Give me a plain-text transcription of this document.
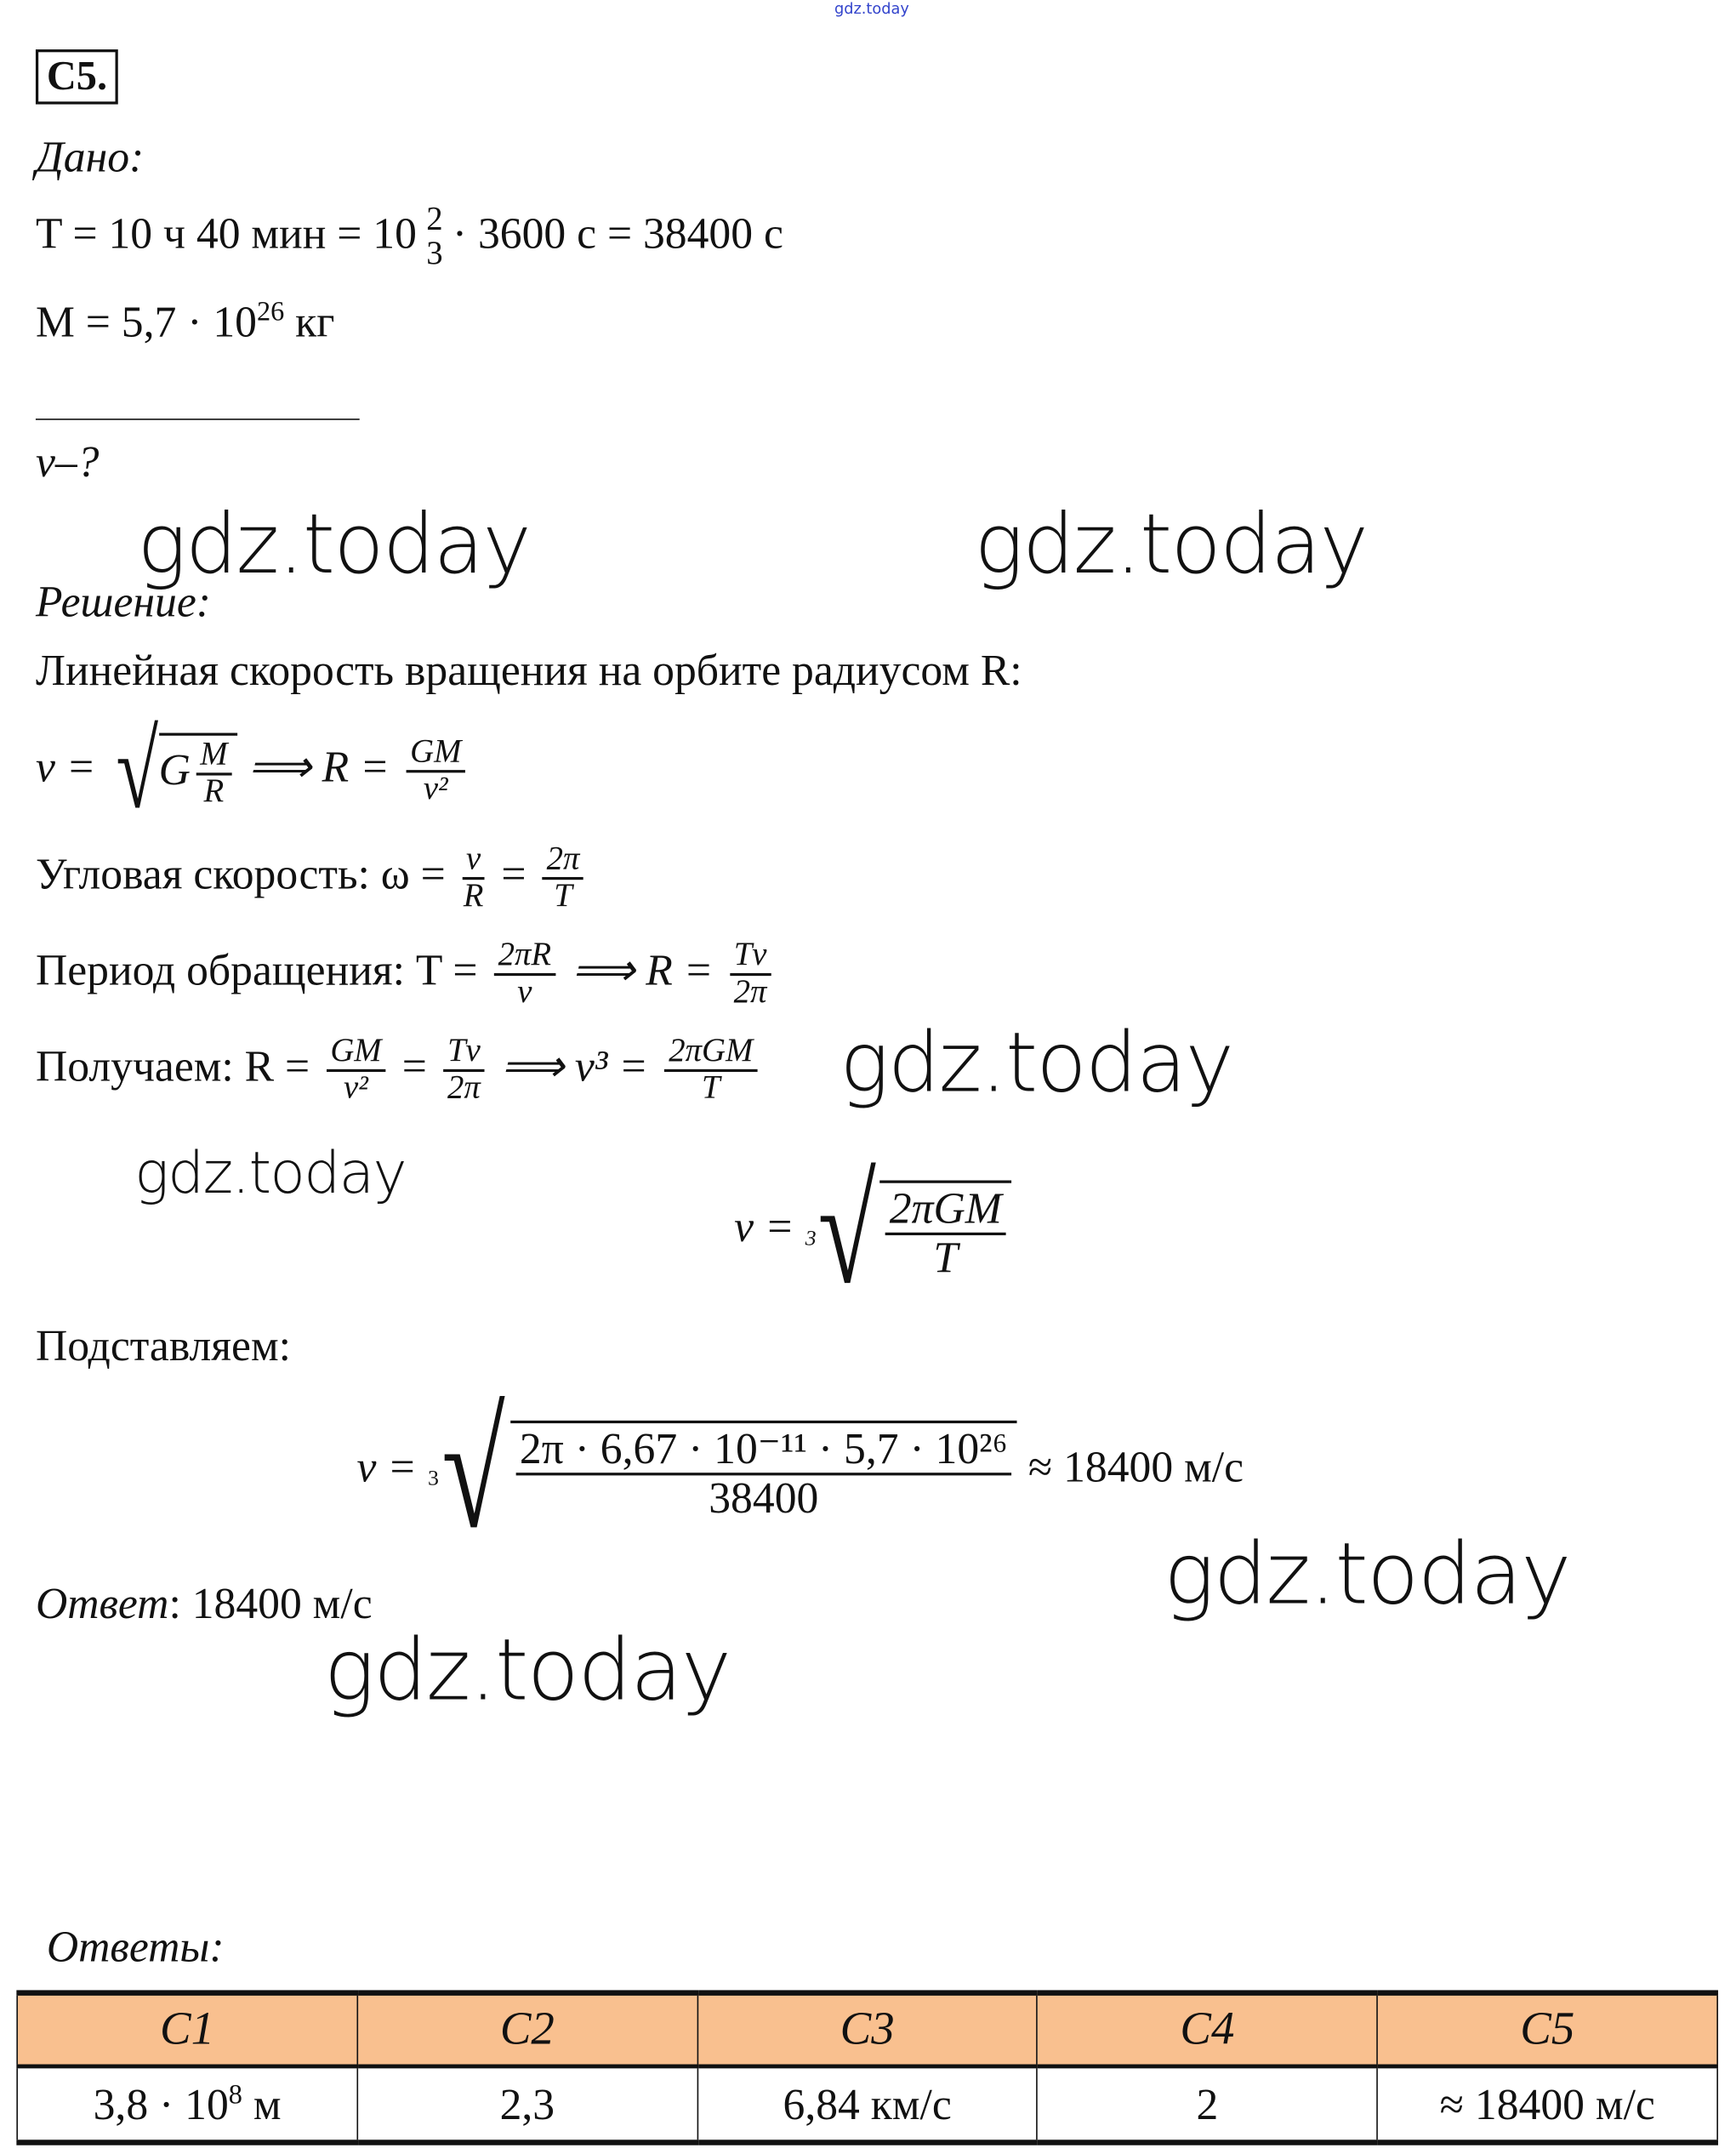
gdz.today
C5.
Дано:
T = 10 ч 40 мин = 10 2
3 · 3600 с = 38400 с
$M = 5,7 \cdot 10^{26}$ кг
v–?
gdz.today	gdz.today
Решение:
Линейная скорость вращения на орбите радиусом R:
v = √ G $\frac{M}{R}$ ⟹ $R = \frac{GM}{\text{v²}}$
Угловая скорость: $\omega = \frac{v}{R} = \frac{2\pi}{T}$
Период обращения: $T = \frac{2\pi R}{v}$ ⟹ $R = \frac{Tv}{2\pi}$
Получаем: $R = \frac{GM}{\text{v²}} = \frac{Tv}{2\pi}$ ⟹ $v^3 = \frac{\text{2πGM}}{T}$ gdz.today
gdz.today
v = 3 √ $\frac{\text{2πGM}}{T}$
Подставляем:
v = 3 √ $\frac{\text{2π · 6,67 · 10⁻¹¹ · 5,7 · 10²⁶}}{38400} \approx 18400$ м/с
Ответ: 18400 м/с	gdz.today
gdz.today
Ответы:
C1	C2	C3	C4	C5
$3,8 \cdot 10^8$ м	2,3	6,84 км/с	2	≈ 18400 м/с
